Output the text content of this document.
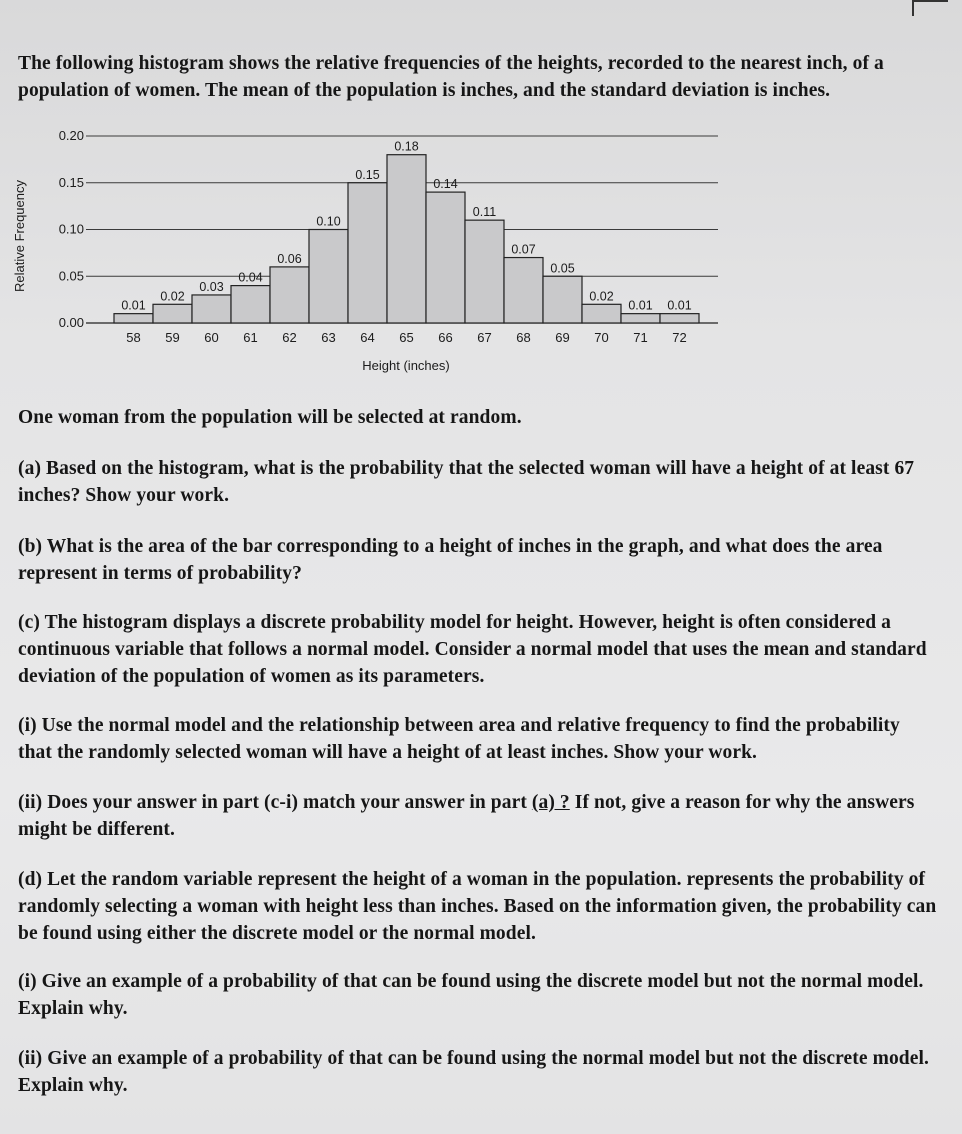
The following histogram shows the relative frequencies of the heights, recorded to the nearest inch, of a population of women. The mean of the population is inches, and the standard deviation is inches.

0.00
0.05
0.10
0.15
0.20
0.01
0.02
0.03
0.04
0.06
0.10
0.15
0.18
0.14
0.11
0.07
0.05
0.02
0.01 0.01
58 59 60 61 62 63 64 65 66 67 68 69 70 71 72
Height (inches)
Relative Frequency

One woman from the population will be selected at random.

(a) Based on the histogram, what is the probability that the selected woman will have a height of at least 67 inches? Show your work.

(b) What is the area of the bar corresponding to a height of inches in the graph, and what does the area represent in terms of probability?

(c) The histogram displays a discrete probability model for height. However, height is often considered a continuous variable that follows a normal model. Consider a normal model that uses the mean and standard deviation of the population of women as its parameters.

(i) Use the normal model and the relationship between area and relative frequency to find the probability that the randomly selected woman will have a height of at least inches. Show your work.

(ii) Does your answer in part (c-i) match your answer in part (a) ? If not, give a reason for why the answers might be different.

(d) Let the random variable represent the height of a woman in the population. represents the probability of randomly selecting a woman with height less than inches. Based on the information given, the probability can be found using either the discrete model or the normal model.

(i) Give an example of a probability of that can be found using the discrete model but not the normal model. Explain why.

(ii) Give an example of a probability of that can be found using the normal model but not the discrete model. Explain why.
